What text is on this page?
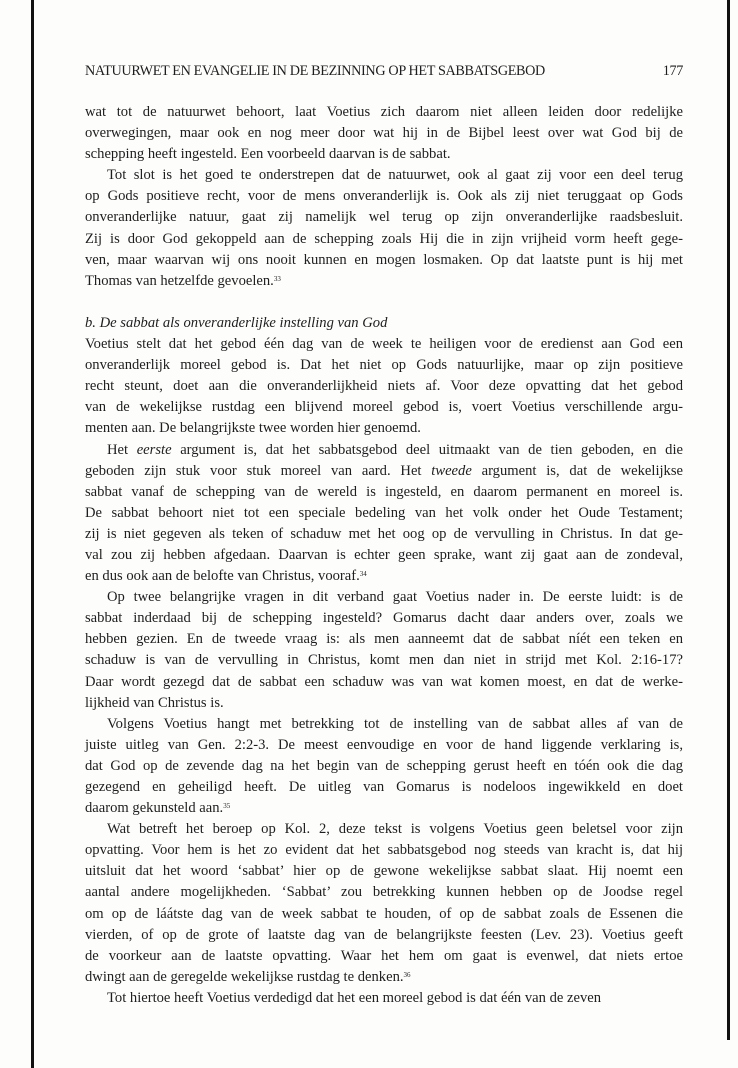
NATUURWET EN EVANGELIE IN DE BEZINNING OP HET SABBATSGEBOD	177
wat tot de natuurwet behoort, laat Voetius zich daarom niet alleen leiden door redelijke
overwegingen, maar ook en nog meer door wat hij in de Bijbel leest over wat God bij de
schepping heeft ingesteld. Een voorbeeld daarvan is de sabbat.
Tot slot is het goed te onderstrepen dat de natuurwet, ook al gaat zij voor een deel terug
op Gods positieve recht, voor de mens onveranderlijk is. Ook als zij niet teruggaat op Gods
onveranderlijke natuur, gaat zij namelijk wel terug op zijn onveranderlijke raadsbesluit.
Zij is door God gekoppeld aan de schepping zoals Hij die in zijn vrijheid vorm heeft gege-
ven, maar waarvan wij ons nooit kunnen en mogen losmaken. Op dat laatste punt is hij met
Thomas van hetzelfde gevoelen.$^{33}$
b. De sabbat als onveranderlijke instelling van God
Voetius stelt dat het gebod één dag van de week te heiligen voor de eredienst aan God een
onveranderlijk moreel gebod is. Dat het niet op Gods natuurlijke, maar op zijn positieve
recht steunt, doet aan die onveranderlijkheid niets af. Voor deze opvatting dat het gebod
van de wekelijkse rustdag een blijvend moreel gebod is, voert Voetius verschillende argu-
menten aan. De belangrijkste twee worden hier genoemd.
Het eerste argument is, dat het sabbatsgebod deel uitmaakt van de tien geboden, en die
geboden zijn stuk voor stuk moreel van aard. Het tweede argument is, dat de wekelijkse
sabbat vanaf de schepping van de wereld is ingesteld, en daarom permanent en moreel is.
De sabbat behoort niet tot een speciale bedeling van het volk onder het Oude Testament;
zij is niet gegeven als teken of schaduw met het oog op de vervulling in Christus. In dat ge-
val zou zij hebben afgedaan. Daarvan is echter geen sprake, want zij gaat aan de zondeval,
en dus ook aan de belofte van Christus, vooraf.$^{34}$
Op twee belangrijke vragen in dit verband gaat Voetius nader in. De eerste luidt: is de
sabbat inderdaad bij de schepping ingesteld? Gomarus dacht daar anders over, zoals we
hebben gezien. En de tweede vraag is: als men aanneemt dat de sabbat níét een teken en
schaduw is van de vervulling in Christus, komt men dan niet in strijd met Kol. 2:16-17?
Daar wordt gezegd dat de sabbat een schaduw was van wat komen moest, en dat de werke-
lijkheid van Christus is.
Volgens Voetius hangt met betrekking tot de instelling van de sabbat alles af van de
juiste uitleg van Gen. 2:2-3. De meest eenvoudige en voor de hand liggende verklaring is,
dat God op de zevende dag na het begin van de schepping gerust heeft en tóén ook die dag
gezegend en geheiligd heeft. De uitleg van Gomarus is nodeloos ingewikkeld en doet
daarom gekunsteld aan.$^{35}$
Wat betreft het beroep op Kol. 2, deze tekst is volgens Voetius geen beletsel voor zijn
opvatting. Voor hem is het zo evident dat het sabbatsgebod nog steeds van kracht is, dat hij
uitsluit dat het woord ‘sabbat’ hier op de gewone wekelijkse sabbat slaat. Hij noemt een
aantal andere mogelijkheden. ‘Sabbat’ zou betrekking kunnen hebben op de Joodse regel
om op de láátste dag van de week sabbat te houden, of op de sabbat zoals de Essenen die
vierden, of op de grote of laatste dag van de belangrijkste feesten (Lev. 23). Voetius geeft
de voorkeur aan de laatste opvatting. Waar het hem om gaat is evenwel, dat niets ertoe
dwingt aan de geregelde wekelijkse rustdag te denken.$^{36}$
Tot hiertoe heeft Voetius verdedigd dat het een moreel gebod is dat één van de zeven
